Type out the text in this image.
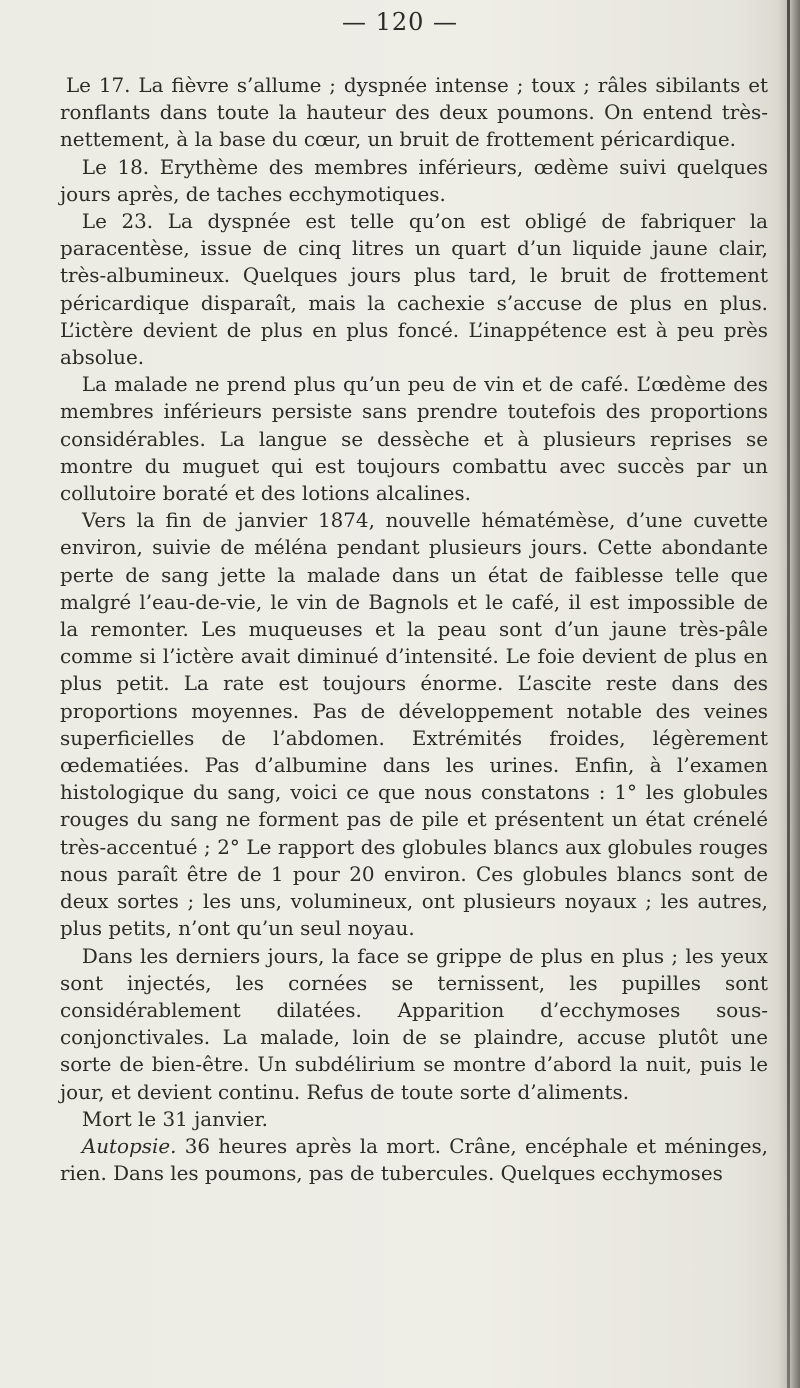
— 120 —

Le 17. La fièvre s’allume ; dyspnée intense ; toux ; râles sibilants et ronflants dans toute la hauteur des deux poumons. On entend très-nettement, à la base du cœur, un bruit de frottement péricardique.

Le 18. Erythème des membres inférieurs, œdème suivi quelques jours après, de taches ecchymotiques.

Le 23. La dyspnée est telle qu’on est obligé de fabriquer la paracentèse, issue de cinq litres un quart d’un liquide jaune clair, très-albumineux. Quelques jours plus tard, le bruit de frottement péricardique disparaît, mais la cachexie s’accuse de plus en plus. L’ictère devient de plus en plus foncé. L’inappétence est à peu près absolue.

La malade ne prend plus qu’un peu de vin et de café. L’œdème des membres inférieurs persiste sans prendre toutefois des proportions considérables. La langue se dessèche et à plusieurs reprises se montre du muguet qui est toujours combattu avec succès par un collutoire boraté et des lotions alcalines.

Vers la fin de janvier 1874, nouvelle hématémèse, d’une cuvette environ, suivie de méléna pendant plusieurs jours. Cette abondante perte de sang jette la malade dans un état de faiblesse telle que malgré l’eau-de-vie, le vin de Bagnols et le café, il est impossible de la remonter. Les muqueuses et la peau sont d’un jaune très-pâle comme si l’ictère avait diminué d’intensité. Le foie devient de plus en plus petit. La rate est toujours énorme. L’ascite reste dans des proportions moyennes. Pas de développement notable des veines superficielles de l’abdomen. Extrémités froides, légèrement œdematiées. Pas d’albumine dans les urines. Enfin, à l’examen histologique du sang, voici ce que nous constatons : 1° les globules rouges du sang ne forment pas de pile et présentent un état crénelé très-accentué ; 2° Le rapport des globules blancs aux globules rouges nous paraît être de 1 pour 20 environ. Ces globules blancs sont de deux sortes ; les uns, volumineux, ont plusieurs noyaux ; les autres, plus petits, n’ont qu’un seul noyau.

Dans les derniers jours, la face se grippe de plus en plus ; les yeux sont injectés, les cornées se ternissent, les pupilles sont considérablement dilatées. Apparition d’ecchymoses sous-conjonctivales. La malade, loin de se plaindre, accuse plutôt une sorte de bien-être. Un subdélirium se montre d’abord la nuit, puis le jour, et devient continu. Refus de toute sorte d’aliments.

Mort le 31 janvier.

Autopsie. 36 heures après la mort. Crâne, encéphale et méninges, rien. Dans les poumons, pas de tubercules. Quelques ecchymoses
